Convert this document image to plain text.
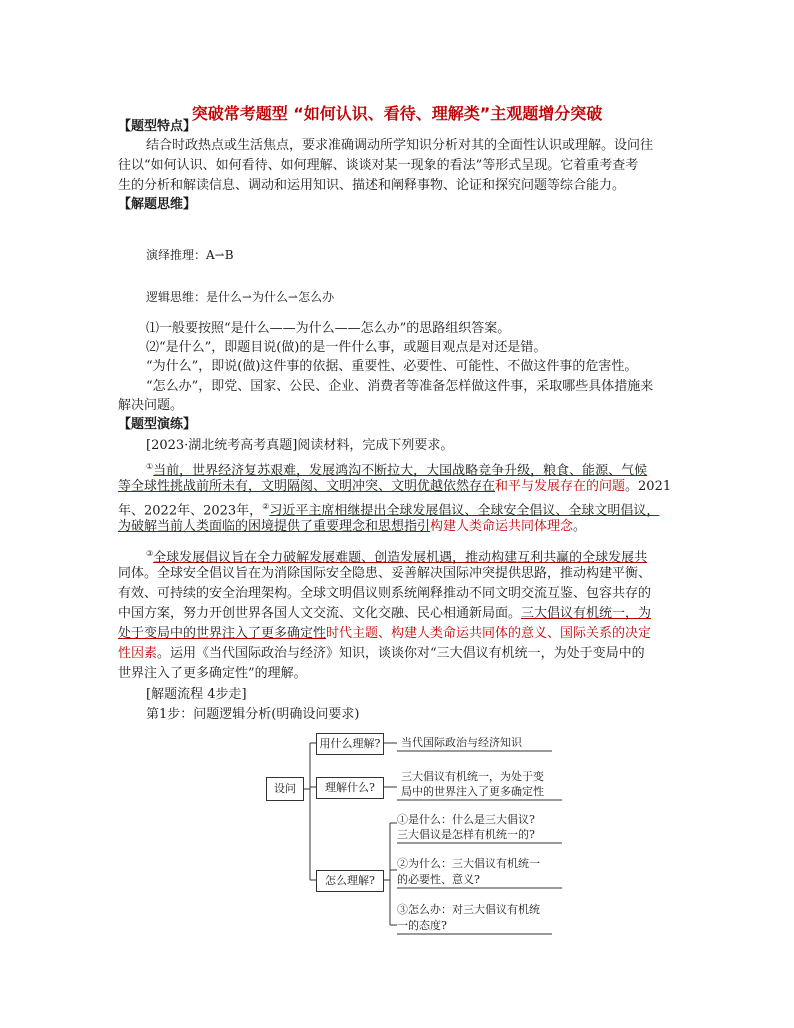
突破常考题型 “如何认识、看待、理解类”主观题增分突破
【题型特点】
结合时政热点或生活焦点，要求准确调动所学知识分析对其的全面性认识或理解。设问往
往以“如何认识、如何看待、如何理解、谈谈对某一现象的看法”等形式呈现。它着重考查考
生的分析和解读信息、调动和运用知识、描述和阐释事物、论证和探究问题等综合能力。
【解题思维】
演绎推理：A⇀B
逻辑思维：是什么⇀为什么⇀怎么办
⑴一般要按照“是什么——为什么——怎么办”的思路组织答案。
⑵“是什么”，即题目说(做)的是一件什么事，或题目观点是对还是错。
“为什么”，即说(做)这件事的依据、重要性、必要性、可能性、不做这件事的危害性。
“怎么办”，即党、国家、公民、企业、消费者等准备怎样做这件事，采取哪些具体措施来
解决问题。
【题型演练】
[2023·湖北统考高考真题]阅读材料，完成下列要求。
①当前，世界经济复苏艰难，发展鸿沟不断拉大，大国战略竞争升级，粮食、能源、气候
等全球性挑战前所未有，文明隔阂、文明冲突、文明优越依然存在和平与发展存在的问题。2021
年、2022年、2023年，②习近平主席相继提出全球发展倡议、全球安全倡议、全球文明倡议，
为破解当前人类面临的困境提供了重要理念和思想指引构建人类命运共同体理念。
③全球发展倡议旨在全力破解发展难题、创造发展机遇，推动构建互利共赢的全球发展共
同体。全球安全倡议旨在为消除国际安全隐患、妥善解决国际冲突提供思路，推动构建平衡、
有效、可持续的安全治理架构。全球文明倡议则系统阐释推动不同文明交流互鉴、包容共存的
中国方案，努力开创世界各国人文交流、文化交融、民心相通新局面。三大倡议有机统一，为
处于变局中的世界注入了更多确定性时代主题、构建人类命运共同体的意义、国际关系的决定
性因素。运用《当代国际政治与经济》知识，谈谈你对“三大倡议有机统一，为处于变局中的
世界注入了更多确定性”的理解。
[解题流程 4步走]
第1步：问题逻辑分析(明确设问要求)
设问
用什么理解?
理解什么?
怎么理解?
当代国际政治与经济知识
三大倡议有机统一，为处于变
局中的世界注入了更多确定性
①是什么：什么是三大倡议?
三大倡议是怎样有机统一的?
②为什么：三大倡议有机统一
的必要性、意义?
③怎么办：对三大倡议有机统
一的态度?
